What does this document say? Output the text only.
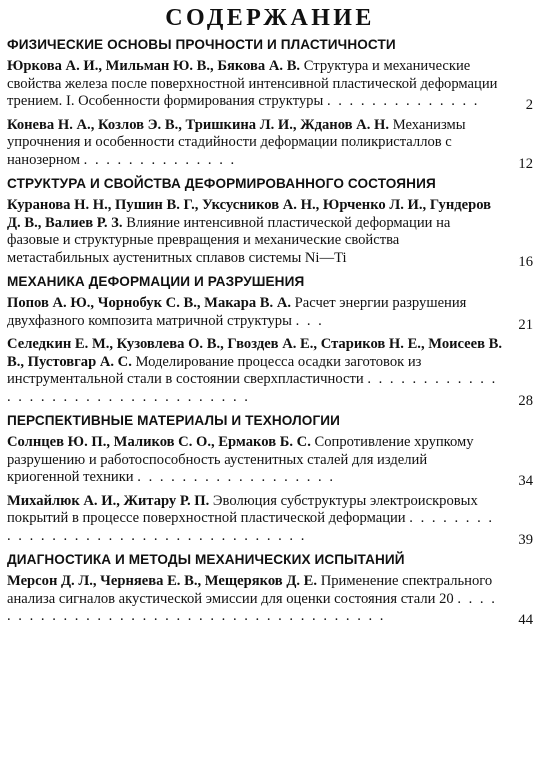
СОДЕРЖАНИЕ
ФИЗИЧЕСКИЕ ОСНОВЫ ПРОЧНОСТИ И ПЛАСТИЧНОСТИ
Юркова А. И., Мильман Ю. В., Бякова А. В. Структура и механические свойства железа после поверхностной интенсивной пластической деформации трением. I. Особенности формирования структуры . . . . . . . . . . . . . .	2
Конева Н. А., Козлов Э. В., Тришкина Л. И., Жданов А. Н. Механизмы упрочнения и особенности стадийности деформации поликристаллов с нанозерном . . . . . . . . . . . . . .	12
СТРУКТУРА И СВОЙСТВА ДЕФОРМИРОВАННОГО СОСТОЯНИЯ
Куранова Н. Н., Пушин В. Г., Уксусников А. Н., Юрченко Л. И., Гундеров Д. В., Валиев Р. З. Влияние интенсивной пластической деформации на фазовые и структурные превращения и механические свойства метастабильных аустенитных сплавов системы Ni—Ti	16
МЕХАНИКА ДЕФОРМАЦИИ И РАЗРУШЕНИЯ
Попов А. Ю., Чорнобук С. В., Макара В. А. Расчет энергии разрушения двухфазного композита матричной структуры . . .	21
Селедкин Е. М., Кузовлева О. В., Гвоздев А. Е., Стариков Н. Е., Моисеев В. В., Пустовгар А. С. Моделирование процесса осадки заготовок из инструментальной стали в состоянии сверхпластичности . . . . . . . . . . . . . . . . . . . . . . . . . . . . . . . . . .	28
ПЕРСПЕКТИВНЫЕ МАТЕРИАЛЫ И ТЕХНОЛОГИИ
Солнцев Ю. П., Маликов С. О., Ермаков Б. С. Сопротивление хрупкому разрушению и работоспособность аустенитных сталей для изделий криогенной техники . . . . . . . . . . . . . . . . . .	34
Михайлюк А. И., Житару Р. П. Эволюция субструктуры электроискровых покрытий в процессе поверхностной пластической деформации . . . . . . . . . . . . . . . . . . . . . . . . . . . . . . . . . . .	39
ДИАГНОСТИКА И МЕТОДЫ МЕХАНИЧЕСКИХ ИСПЫТАНИЙ
Мерсон Д. Л., Черняева Е. В., Мещеряков Д. Е. Применение спектрального анализа сигналов акустической эмиссии для оценки состояния стали 20 . . . . . . . . . . . . . . . . . . . . . . . . . . . . . . . . . . . . . .	44
